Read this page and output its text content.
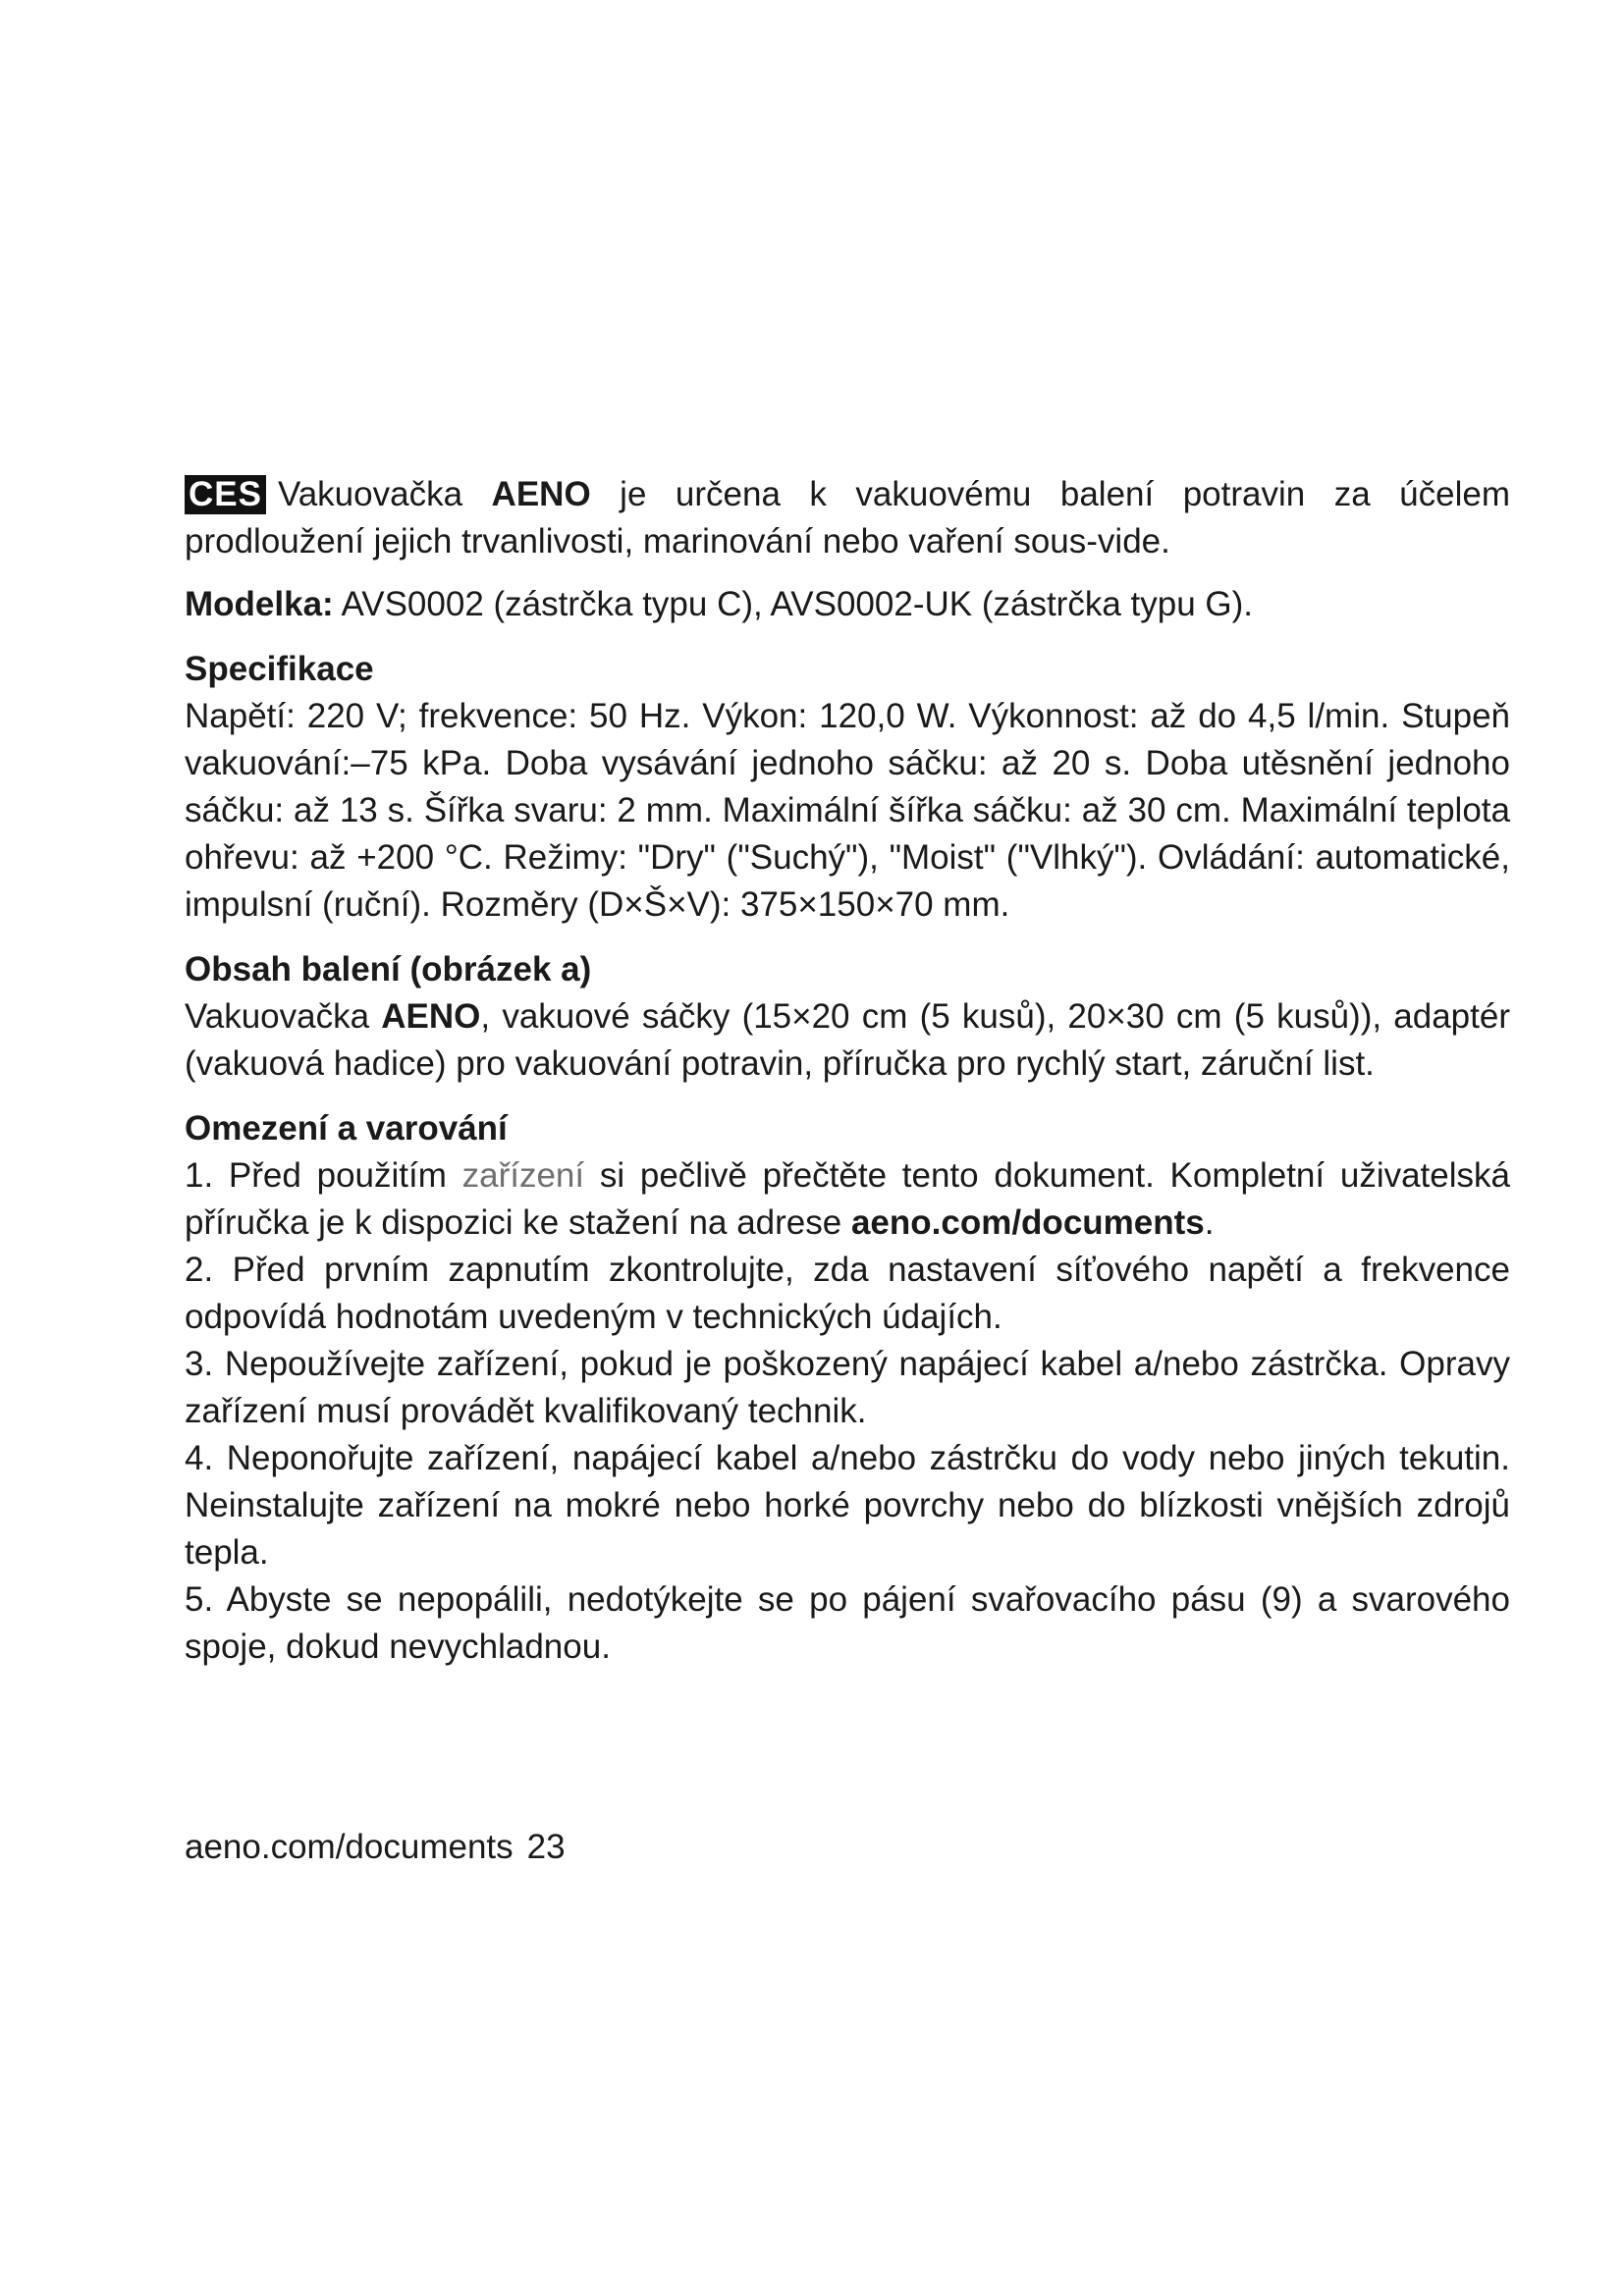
CES Vakuovačka AENO je určena k vakuovému balení potravin za účelem prodloužení jejich trvanlivosti, marinování nebo vaření sous-vide.

Modelka: AVS0002 (zástrčka typu C), AVS0002-UK (zástrčka typu G).

Specifikace

Napětí: 220 V; frekvence: 50 Hz. Výkon: 120,0 W. Výkonnost: až do 4,5 l/min. Stupeň vakuování:–75 kPa. Doba vysávání jednoho sáčku: až 20 s. Doba utěsnění jednoho sáčku: až 13 s. Šířka svaru: 2 mm. Maximální šířka sáčku: až 30 cm. Maximální teplota ohřevu: až +200 °C. Režimy: "Dry" ("Suchý"), "Moist" ("Vlhký"). Ovládání: automatické, impulsní (ruční). Rozměry (D×Š×V): 375×150×70 mm.

Obsah balení (obrázek a)

Vakuovačka AENO, vakuové sáčky (15×20 cm (5 kusů), 20×30 cm (5 kusů)), adaptér (vakuová hadice) pro vakuování potravin, příručka pro rychlý start, záruční list.

Omezení a varování

1. Před použitím zařízení si pečlivě přečtěte tento dokument. Kompletní uživatelská příručka je k dispozici ke stažení na adrese aeno.com/documents.

2. Před prvním zapnutím zkontrolujte, zda nastavení síťového napětí a frekvence odpovídá hodnotám uvedeným v technických údajích.

3. Nepoužívejte zařízení, pokud je poškozený napájecí kabel a/nebo zástrčka. Opravy zařízení musí provádět kvalifikovaný technik.

4. Neponořujte zařízení, napájecí kabel a/nebo zástrčku do vody nebo jiných tekutin. Neinstalujte zařízení na mokré nebo horké povrchy nebo do blízkosti vnějších zdrojů tepla.

5. Abyste se nepopálili, nedotýkejte se po pájení svařovacího pásu (9) a svarového spoje, dokud nevychladnou.

aeno.com/documents 23
